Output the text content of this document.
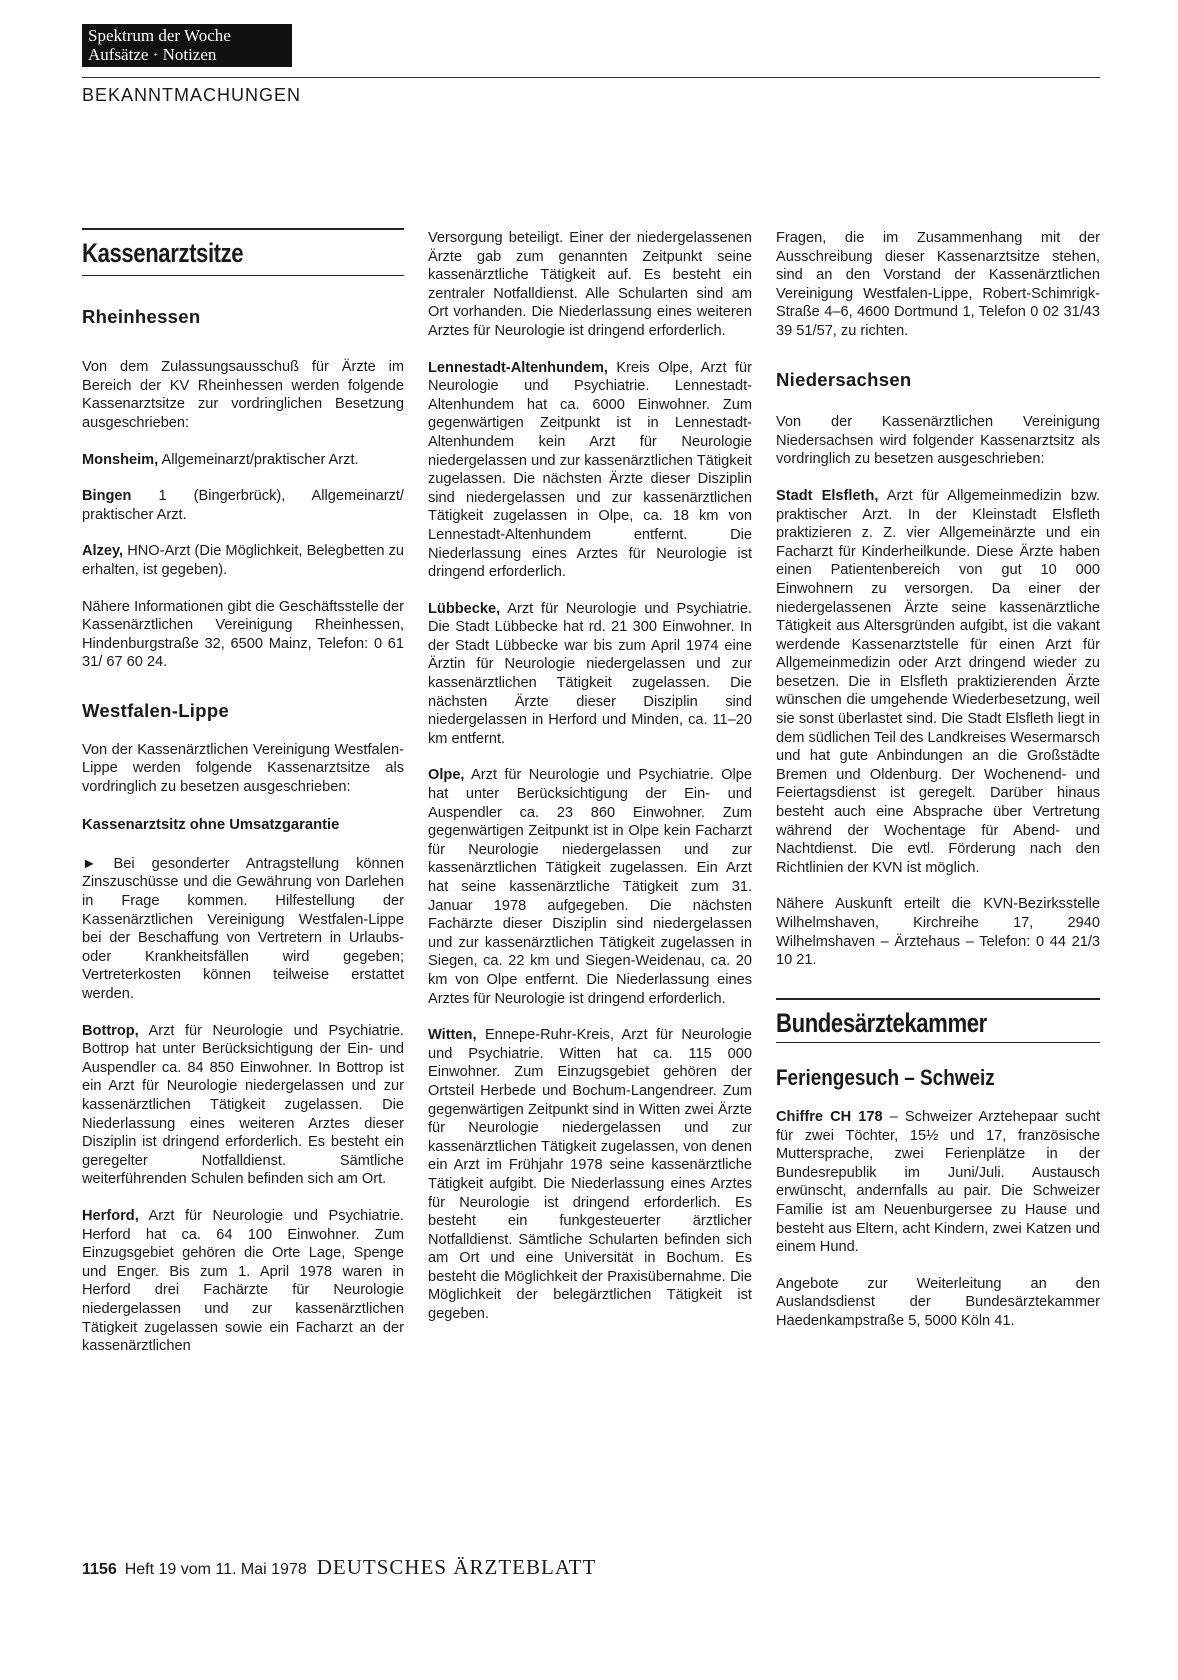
Spektrum der Woche
Aufsätze · Notizen
BEKANNTMACHUNGEN
Kassenarztsitze
Rheinhessen

Von dem Zulassungsausschuß für Ärzte im Bereich der KV Rheinhessen werden folgende Kassenarztsitze zur vordringlichen Besetzung ausgeschrieben:

Monsheim, Allgemeinarzt/praktischer Arzt.

Bingen 1 (Bingerbrück), Allgemeinarzt/ praktischer Arzt.

Alzey, HNO-Arzt (Die Möglichkeit, Belegbetten zu erhalten, ist gegeben).

Nähere Informationen gibt die Geschäftsstelle der Kassenärztlichen Vereinigung Rheinhessen, Hindenburgstraße 32, 6500 Mainz, Telefon: 0 61 31/ 67 60 24.

Westfalen-Lippe

Von der Kassenärztlichen Vereinigung Westfalen-Lippe werden folgende Kassenarztsitze als vordringlich zu besetzen ausgeschrieben:

Kassenarztsitz ohne Umsatzgarantie

► Bei gesonderter Antragstellung können Zinszuschüsse und die Gewährung von Darlehen in Frage kommen. Hilfestellung der Kassenärztlichen Vereinigung Westfalen-Lippe bei der Beschaffung von Vertretern in Urlaubs- oder Krankheitsfällen wird gegeben; Vertreterkosten können teilweise erstattet werden.

Bottrop, Arzt für Neurologie und Psychiatrie. Bottrop hat unter Berücksichtigung der Ein- und Auspendler ca. 84 850 Einwohner. In Bottrop ist ein Arzt für Neurologie niedergelassen und zur kassenärztlichen Tätigkeit zugelassen. Die Niederlassung eines weiteren Arztes dieser Disziplin ist dringend erforderlich. Es besteht ein geregelter Notfalldienst. Sämtliche weiterführenden Schulen befinden sich am Ort.

Herford, Arzt für Neurologie und Psychiatrie. Herford hat ca. 64 100 Einwohner. Zum Einzugsgebiet gehören die Orte Lage, Spenge und Enger. Bis zum 1. April 1978 waren in Herford drei Fachärzte für Neurologie niedergelassen und zur kassenärztlichen Tätigkeit zugelassen sowie ein Facharzt an der kassenärztlichen

Versorgung beteiligt. Einer der niedergelassenen Ärzte gab zum genannten Zeitpunkt seine kassenärztliche Tätigkeit auf. Es besteht ein zentraler Notfalldienst. Alle Schularten sind am Ort vorhanden. Die Niederlassung eines weiteren Arztes für Neurologie ist dringend erforderlich.

Lennestadt-Altenhundem, Kreis Olpe, Arzt für Neurologie und Psychiatrie. Lennestadt-Altenhundem hat ca. 6000 Einwohner. Zum gegenwärtigen Zeitpunkt ist in Lennestadt-Altenhundem kein Arzt für Neurologie niedergelassen und zur kassenärztlichen Tätigkeit zugelassen. Die nächsten Ärzte dieser Disziplin sind niedergelassen und zur kassenärztlichen Tätigkeit zugelassen in Olpe, ca. 18 km von Lennestadt-Altenhundem entfernt. Die Niederlassung eines Arztes für Neurologie ist dringend erforderlich.

Lübbecke, Arzt für Neurologie und Psychiatrie. Die Stadt Lübbecke hat rd. 21 300 Einwohner. In der Stadt Lübbecke war bis zum April 1974 eine Ärztin für Neurologie niedergelassen und zur kassenärztlichen Tätigkeit zugelassen. Die nächsten Ärzte dieser Disziplin sind niedergelassen in Herford und Minden, ca. 11–20 km entfernt.

Olpe, Arzt für Neurologie und Psychiatrie. Olpe hat unter Berücksichtigung der Ein- und Auspendler ca. 23 860 Einwohner. Zum gegenwärtigen Zeitpunkt ist in Olpe kein Facharzt für Neurologie niedergelassen und zur kassenärztlichen Tätigkeit zugelassen. Ein Arzt hat seine kassenärztliche Tätigkeit zum 31. Januar 1978 aufgegeben. Die nächsten Fachärzte dieser Disziplin sind niedergelassen und zur kassenärztlichen Tätigkeit zugelassen in Siegen, ca. 22 km und Siegen-Weidenau, ca. 20 km von Olpe entfernt. Die Niederlassung eines Arztes für Neurologie ist dringend erforderlich.

Witten, Ennepe-Ruhr-Kreis, Arzt für Neurologie und Psychiatrie. Witten hat ca. 115 000 Einwohner. Zum Einzugsgebiet gehören der Ortsteil Herbede und Bochum-Langendreer. Zum gegenwärtigen Zeitpunkt sind in Witten zwei Ärzte für Neurologie niedergelassen und zur kassenärztlichen Tätigkeit zugelassen, von denen ein Arzt im Frühjahr 1978 seine kassenärztliche Tätigkeit aufgibt. Die Niederlassung eines Arztes für Neurologie ist dringend erforderlich. Es besteht ein funkgesteuerter ärztlicher Notfalldienst. Sämtliche Schularten befinden sich am Ort und eine Universität in Bochum. Es besteht die Möglichkeit der Praxisübernahme. Die Möglichkeit der belegärztlichen Tätigkeit ist gegeben.

Fragen, die im Zusammenhang mit der Ausschreibung dieser Kassenarztsitze stehen, sind an den Vorstand der Kassenärztlichen Vereinigung Westfalen-Lippe, Robert-Schimrigk-Straße 4–6, 4600 Dortmund 1, Telefon 0 02 31/43 39 51/57, zu richten.

Niedersachsen

Von der Kassenärztlichen Vereinigung Niedersachsen wird folgender Kassenarztsitz als vordringlich zu besetzen ausgeschrieben:

Stadt Elsfleth, Arzt für Allgemeinmedizin bzw. praktischer Arzt. In der Kleinstadt Elsfleth praktizieren z. Z. vier Allgemeinärzte und ein Facharzt für Kinderheilkunde. Diese Ärzte haben einen Patientenbereich von gut 10 000 Einwohnern zu versorgen. Da einer der niedergelassenen Ärzte seine kassenärztliche Tätigkeit aus Altersgründen aufgibt, ist die vakant werdende Kassenarztstelle für einen Arzt für Allgemeinmedizin oder Arzt dringend wieder zu besetzen. Die in Elsfleth praktizierenden Ärzte wünschen die umgehende Wiederbesetzung, weil sie sonst überlastet sind. Die Stadt Elsfleth liegt in dem südlichen Teil des Landkreises Wesermarsch und hat gute Anbindungen an die Großstädte Bremen und Oldenburg. Der Wochenend- und Feiertagsdienst ist geregelt. Darüber hinaus besteht auch eine Absprache über Vertretung während der Wochentage für Abend- und Nachtdienst. Die evtl. Förderung nach den Richtlinien der KVN ist möglich.

Nähere Auskunft erteilt die KVN-Bezirksstelle Wilhelmshaven, Kirchreihe 17, 2940 Wilhelmshaven – Ärztehaus – Telefon: 0 44 21/3 10 21.

Bundesärztekammer
Feriengesuch – Schweiz

Chiffre CH 178 – Schweizer Arztehepaar sucht für zwei Töchter, 15½ und 17, französische Muttersprache, zwei Ferienplätze in der Bundesrepublik im Juni/Juli. Austausch erwünscht, andernfalls au pair. Die Schweizer Familie ist am Neuenburgersee zu Hause und besteht aus Eltern, acht Kindern, zwei Katzen und einem Hund.

Angebote zur Weiterleitung an den Auslandsdienst der Bundesärztekammer Haedenkampstraße 5, 5000 Köln 41.

1156 Heft 19 vom 11. Mai 1978 DEUTSCHES ÄRZTEBLATT
